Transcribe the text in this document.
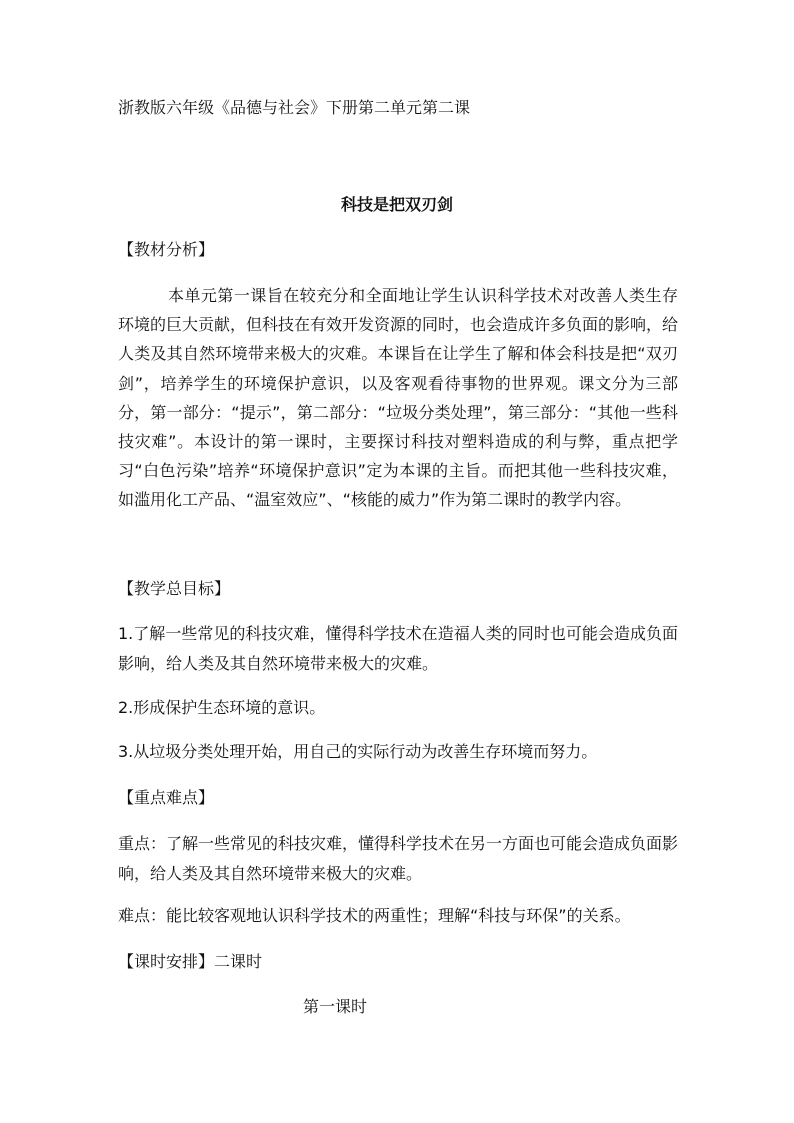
浙教版六年级《品德与社会》下册第二单元第二课
科技是把双刃剑
【教材分析】
本单元第一课旨在较充分和全面地让学生认识科学技术对改善人类生存环境的巨大贡献，但科技在有效开发资源的同时，也会造成许多负面的影响，给人类及其自然环境带来极大的灾难。本课旨在让学生了解和体会科技是把“双刃剑”，培养学生的环境保护意识，以及客观看待事物的世界观。课文分为三部分，第一部分：“提示”，第二部分：“垃圾分类处理”，第三部分：“其他一些科技灾难”。本设计的第一课时，主要探讨科技对塑料造成的利与弊，重点把学习“白色污染”培养“环境保护意识”定为本课的主旨。而把其他一些科技灾难，如滥用化工产品、“温室效应”、“核能的威力”作为第二课时的教学内容。
【教学总目标】
1.了解一些常见的科技灾难，懂得科学技术在造福人类的同时也可能会造成负面影响，给人类及其自然环境带来极大的灾难。
2.形成保护生态环境的意识。
3.从垃圾分类处理开始，用自己的实际行动为改善生存环境而努力。
【重点难点】
重点：了解一些常见的科技灾难，懂得科学技术在另一方面也可能会造成负面影响，给人类及其自然环境带来极大的灾难。
难点：能比较客观地认识科学技术的两重性；理解“科技与环保”的关系。
【课时安排】二课时
第一课时
